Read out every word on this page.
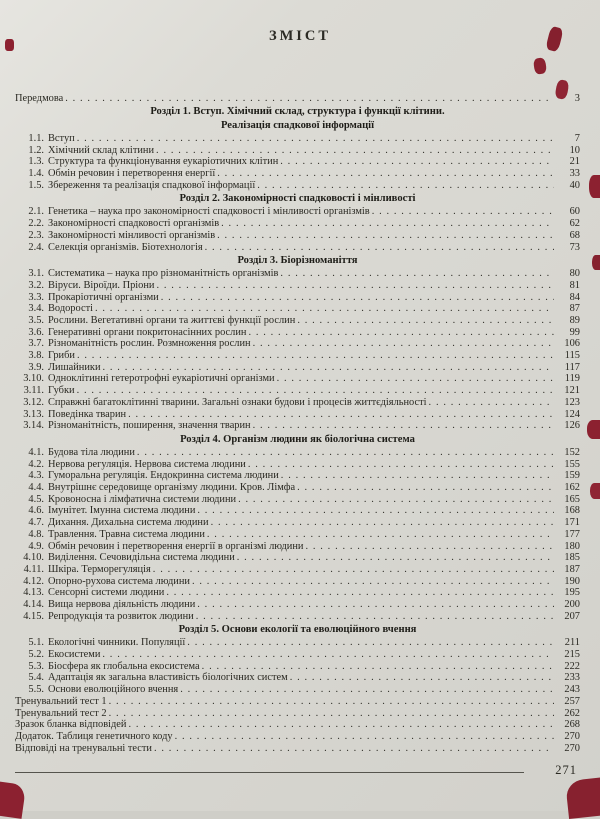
ЗМІСТ
Передмова . . .	3
Розділ 1. Вступ. Хімічний склад, структура і функції клітини.
Реалізація спадкової інформації
1.1. Вступ . . .	7
1.2. Хімічний склад клітини . . .	10
1.3. Структура та функціонування еукаріотичних клітин . . .	21
1.4. Обмін речовин і перетворення енергії . . .	33
1.5. Збереження та реалізація спадкової інформації . . .	40
Розділ 2. Закономірності спадковості і мінливості
2.1. Генетика – наука про закономірності спадковості і мінливості організмів . . .	60
2.2. Закономірності спадковості організмів . . .	62
2.3. Закономірності мінливості організмів . . .	68
2.4. Селекція організмів. Біотехнологія . . .	73
Розділ 3. Біорізноманіття
3.1. Систематика – наука про різноманітність організмів . . .	80
3.2. Віруси. Віроїди. Пріони . . .	81
3.3. Прокаріотичні організми . . .	84
3.4. Водорості . . .	87
3.5. Рослини. Вегетативні органи та життєві функції рослин . . .	89
3.6. Генеративні органи покритонасінних рослин . . .	99
3.7. Різноманітність рослин. Розмноження рослин . . .	106
3.8. Гриби . . .	115
3.9. Лишайники . . .	117
3.10. Одноклітинні гетеротрофні еукаріотичні організми . . .	119
3.11. Губки . . .	121
3.12. Справжні багатоклітинні тварини. Загальні ознаки будови і процесів життєдіяльності . . .	123
3.13. Поведінка тварин . . .	124
3.14. Різноманітність, поширення, значення тварин . . .	126
Розділ 4. Організм людини як біологічна система
4.1. Будова тіла людини . . .	152
4.2. Нервова регуляція. Нервова система людини . . .	155
4.3. Гуморальна регуляція. Ендокринна система людини . . .	159
4.4. Внутрішнє середовище організму людини. Кров. Лімфа . . .	162
4.5. Кровоносна і лімфатична системи людини . . .	165
4.6. Імунітет. Імунна система людини . . .	168
4.7. Дихання. Дихальна система людини . . .	171
4.8. Травлення. Травна система людини . . .	177
4.9. Обмін речовин і перетворення енергії в організмі людини . . .	180
4.10. Виділення. Сечовидільна система людини . . .	185
4.11. Шкіра. Терморегуляція . . .	187
4.12. Опорно-рухова система людини . . .	190
4.13. Сенсорні системи людини . . .	195
4.14. Вища нервова діяльність людини . . .	200
4.15. Репродукція та розвиток людини . . .	207
Розділ 5. Основи екології та еволюційного вчення
5.1. Екологічні чинники. Популяції . . .	211
5.2. Екосистеми . . .	215
5.3. Біосфера як глобальна екосистема . . .	222
5.4. Адаптація як загальна властивість біологічних систем . . .	233
5.5. Основи еволюційного вчення . . .	243
Тренувальний тест 1 . . .	257
Тренувальний тест 2 . . .	262
Зразок бланка відповідей . . .	268
Додаток. Таблиця генетичного коду . . .	270
Відповіді на тренувальні тести . . .	270
271
